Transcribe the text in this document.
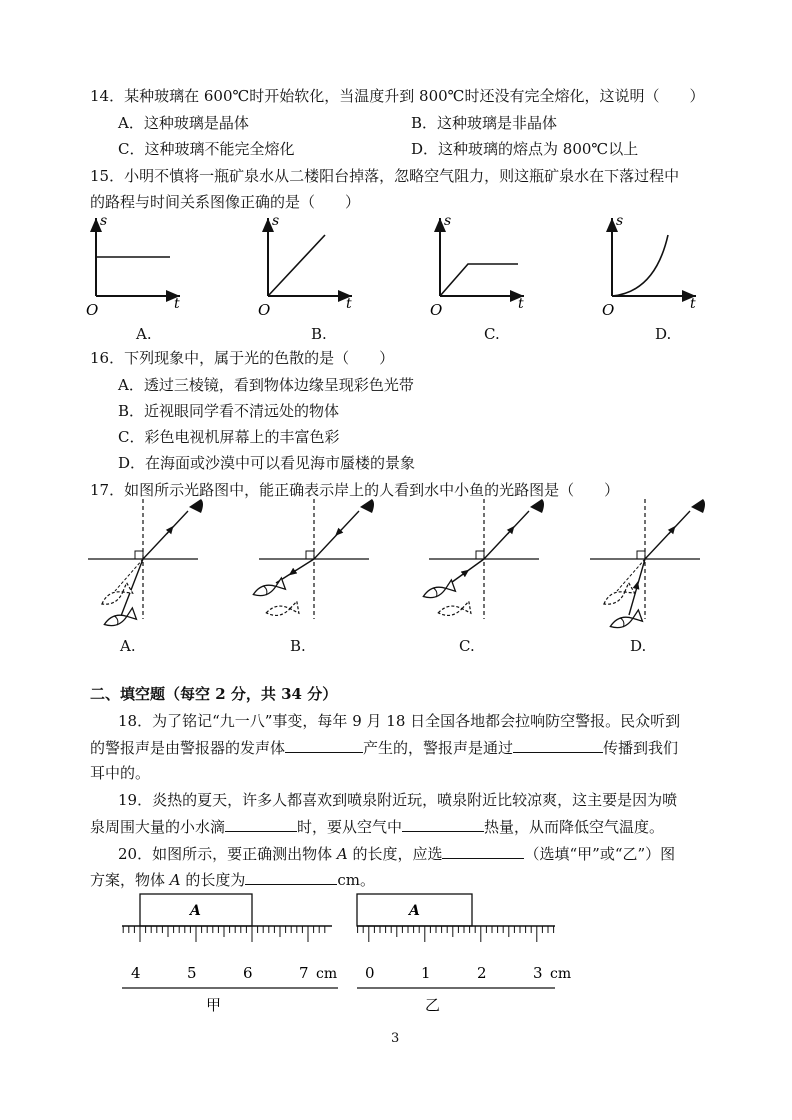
14．某种玻璃在 600℃时开始软化，当温度升到 800℃时还没有完全熔化，这说明（　　）
A．这种玻璃是晶体	B．这种玻璃是非晶体
C．这种玻璃不能完全熔化	D．这种玻璃的熔点为 800℃以上
15．小明不慎将一瓶矿泉水从二楼阳台掉落，忽略空气阻力，则这瓶矿泉水在下落过程中
的路程与时间关系图像正确的是（　　）
s
t
O
s
t
O
s
t
O
s
t
O
A.	B.	C.	D.
16．下列现象中，属于光的色散的是（　　）
A．透过三棱镜，看到物体边缘呈现彩色光带
B．近视眼同学看不清远处的物体
C．彩色电视机屏幕上的丰富色彩
D．在海面或沙漠中可以看见海市蜃楼的景象
17．如图所示光路图中，能正确表示岸上的人看到水中小鱼的光路图是（　　）
A.	B.	C.	D.
二、填空题（每空 2 分，共 34 分）
18．为了铭记“九一八”事变，每年 9 月 18 日全国各地都会拉响防空警报。民众听到
的警报声是由警报器的发声体	产生的，警报声是通过	传播到我们
耳中的。
19．炎热的夏天，许多人都喜欢到喷泉附近玩，喷泉附近比较凉爽，这主要是因为喷
泉周围大量的小水滴	时，要从空气中	热量，从而降低空气温度。
20．如图所示，要正确测出物体 A 的长度，应选	（选填“甲”或“乙”）图
方案，物体 A 的长度为	cm。
A
4	5	6	7 cm
甲
A
0	1	2	3 cm
乙
3
